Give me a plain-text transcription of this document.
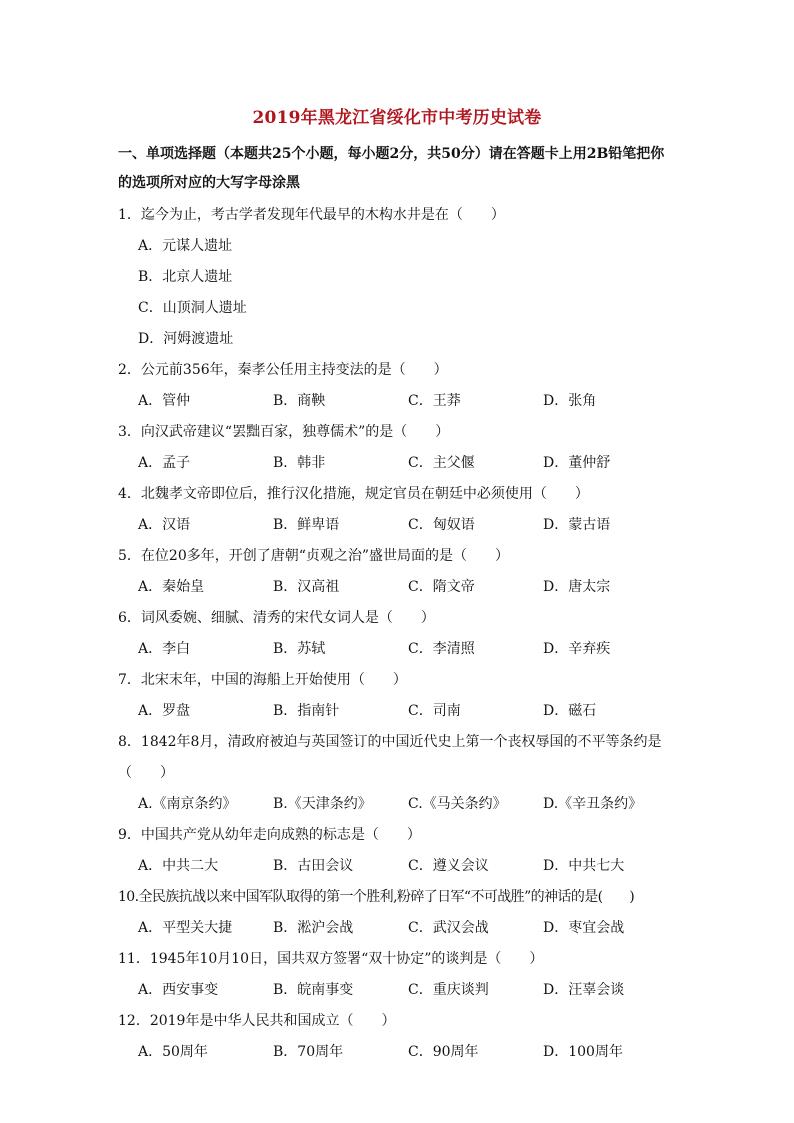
2019年黑龙江省绥化市中考历史试卷
一、单项选择题（本题共25个小题，每小题2分，共50分）请在答题卡上用2B铅笔把你的选项所对应的大写字母涂黑
1．迄今为止，考古学者发现年代最早的木构水井是在（　　）
A．元谋人遗址
B．北京人遗址
C．山顶洞人遗址
D．河姆渡遗址
2．公元前356年，秦孝公任用主持变法的是（　　）
A．管仲	B．商鞅	C．王莽	D．张角
3．向汉武帝建议“罢黜百家，独尊儒术”的是（　　）
A．孟子	B．韩非	C．主父偃	D．董仲舒
4．北魏孝文帝即位后，推行汉化措施，规定官员在朝廷中必须使用（　　）
A．汉语	B．鲜卑语	C．匈奴语	D．蒙古语
5．在位20多年，开创了唐朝“贞观之治”盛世局面的是（　　）
A．秦始皇	B．汉高祖	C．隋文帝	D．唐太宗
6．词风委婉、细腻、清秀的宋代女词人是（　　）
A．李白	B．苏轼	C．李清照	D．辛弃疾
7．北宋末年，中国的海船上开始使用（　　）
A．罗盘	B．指南针	C．司南	D．磁石
8．1842年8月，清政府被迫与英国签订的中国近代史上第一个丧权辱国的不平等条约是（　　）
A.《南京条约》	B.《天津条约》	C.《马关条约》	D.《辛丑条约》
9．中国共产党从幼年走向成熟的标志是（　　）
A．中共二大	B．古田会议	C．遵义会议	D．中共七大
10.全民族抗战以来中国军队取得的第一个胜利,粉碎了日军“不可战胜”的神话的是(　　)
A．平型关大捷	B．淞沪会战	C．武汉会战	D．枣宜会战
11．1945年10月10日，国共双方签署“双十协定”的谈判是（　　）
A．西安事变	B．皖南事变	C．重庆谈判	D．汪辜会谈
12．2019年是中华人民共和国成立（　　）
A．50周年	B．70周年	C．90周年	D．100周年
